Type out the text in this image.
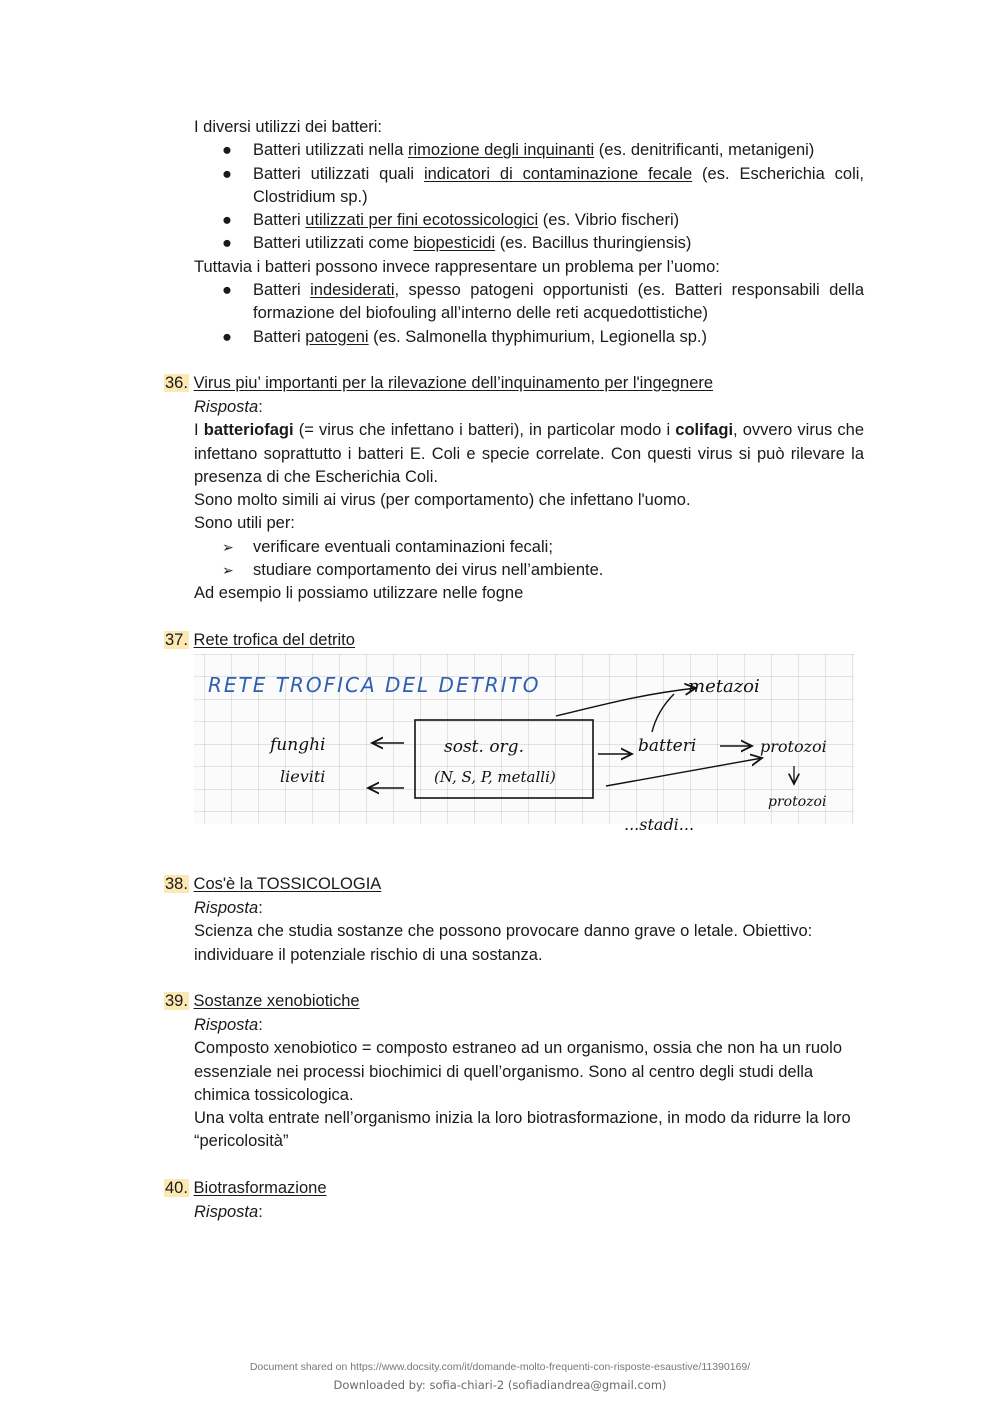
I diversi utilizzi dei batteri:
● Batteri utilizzati nella rimozione degli inquinanti (es. denitrificanti, metanigeni)
● Batteri utilizzati quali indicatori di contaminazione fecale (es. Escherichia coli, Clostridium sp.)
● Batteri utilizzati per fini ecotossicologici (es. Vibrio fischeri)
● Batteri utilizzati come biopesticidi (es. Bacillus thuringiensis)
Tuttavia i batteri possono invece rappresentare un problema per l’uomo:
● Batteri indesiderati, spesso patogeni opportunisti (es. Batteri responsabili della formazione del biofouling all’interno delle reti acquedottistiche)
● Batteri patogeni (es. Salmonella thyphimurium, Legionella sp.)
36. Virus piu’ importanti per la rilevazione dell’inquinamento per l'ingegnere
Risposta:
I batteriofagi (= virus che infettano i batteri), in particolar modo i colifagi, ovvero virus che infettano soprattutto i batteri E. Coli e specie correlate. Con questi virus si può rilevare la presenza di che Escherichia Coli.
Sono molto simili ai virus (per comportamento) che infettano l'uomo.
Sono utili per:
➢ verificare eventuali contaminazioni fecali;
➢ studiare comportamento dei virus nell’ambiente.
Ad esempio li possiamo utilizzare nelle fogne
37. Rete trofica del detrito
RETE TROFICA DEL DETRITO
sost. org.
(N, S, P, metalli)
funghi
lieviti
metazoi
batteri	protozoi
protozoi
...stadi...
38. Cos'è la TOSSICOLOGIA
Risposta:
Scienza che studia sostanze che possono provocare danno grave o letale. Obiettivo: individuare il potenziale rischio di una sostanza.
39. Sostanze xenobiotiche
Risposta:
Composto xenobiotico = composto estraneo ad un organismo, ossia che non ha un ruolo essenziale nei processi biochimici di quell’organismo. Sono al centro degli studi della chimica tossicologica.
Una volta entrate nell’organismo inizia la loro biotrasformazione, in modo da ridurre la loro “pericolosità”
40. Biotrasformazione
Risposta:
Document shared on https://www.docsity.com/it/domande-molto-frequenti-con-risposte-esaustive/11390169/
Downloaded by: sofia-chiari-2 (sofiadiandrea@gmail.com)
